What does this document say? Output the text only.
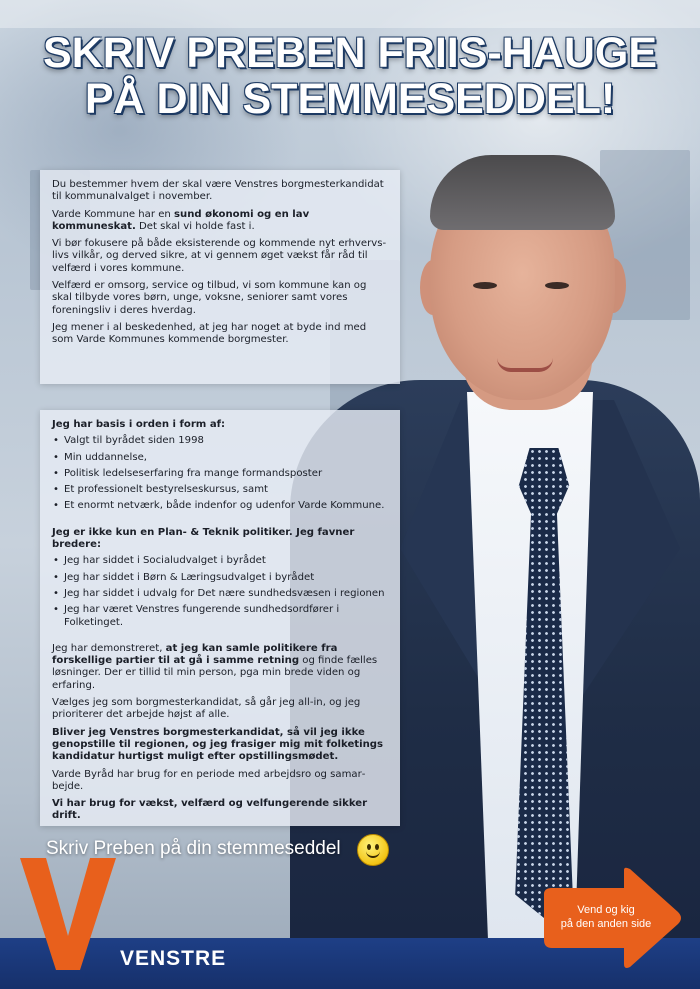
SKRIV PREBEN FRIIS-HAUGE
PÅ DIN STEMMESEDDEL!

Du bestemmer hvem der skal være Venstres borgmesterkandidat til kommunalvalget i november.

Varde Kommune har en sund økonomi og en lav kommuneskat. Det skal vi holde fast i.

Vi bør fokusere på både eksisterende og kommende nyt erhvervslivs vilkår, og derved sikre, at vi gennem øget vækst får råd til velfærd i vores kommune.

Velfærd er omsorg, service og tilbud, vi som kommune kan og skal tilbyde vores børn, unge, voksne, seniorer samt vores foreningsliv i deres hverdag.

Jeg mener i al beskedenhed, at jeg har noget at byde ind med som Varde Kommunes kommende borgmester.

Jeg har basis i orden i form af:
• Valgt til byrådet siden 1998
• Min uddannelse,
• Politisk ledelseserfaring fra mange formandsposter
• Et professionelt bestyrelseskursus, samt
• Et enormt netværk, både indenfor og udenfor Varde Kommune.
Jeg er ikke kun en Plan- & Teknik politiker. Jeg favner bredere:
• Jeg har siddet i Socialudvalget i byrådet
• Jeg har siddet i Børn & Læringsudvalget i byrådet
• Jeg har siddet i udvalg for Det nære sundhedsvæsen i regionen
• Jeg har været Venstres fungerende sundhedsordfører i Folketinget.

Jeg har demonstreret, at jeg kan samle politikere fra forskellige partier til at gå i samme retning og finde fælles løsninger. Der er tillid til min person, pga min brede viden og erfaring.

Vælges jeg som borgmesterkandidat, så går jeg all-in, og jeg prioriterer det arbejde højst af alle.

Bliver jeg Venstres borgmesterkandidat, så vil jeg ikke genopstille til regionen, og jeg frasiger mig mit folketings kandidatur hurtigst muligt efter opstillingsmødet.

Varde Byråd har brug for en periode med arbejdsro og samarbejde.

Vi har brug for vækst, velfærd og velfungerende sikker drift.

Skriv Preben på din stemmeseddel
VENSTRE
Vend og kig
på den anden side
